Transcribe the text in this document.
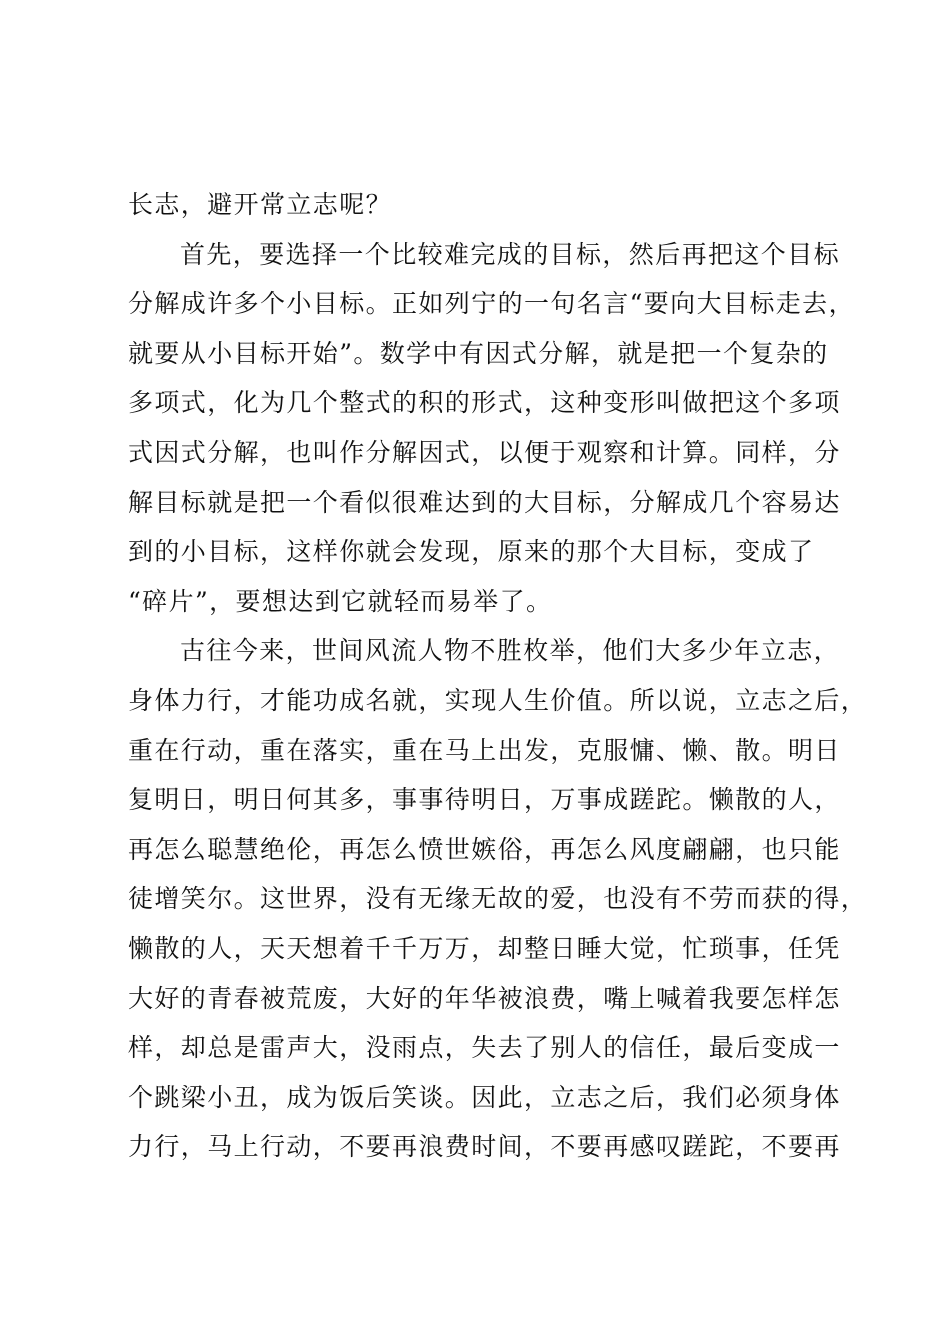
长志，避开常立志呢？
首先，要选择一个比较难完成的目标，然后再把这个目标
分解成许多个小目标。正如列宁的一句名言“要向大目标走去，
就要从小目标开始”。数学中有因式分解，就是把一个复杂的
多项式，化为几个整式的积的形式，这种变形叫做把这个多项
式因式分解，也叫作分解因式，以便于观察和计算。同样，分
解目标就是把一个看似很难达到的大目标，分解成几个容易达
到的小目标，这样你就会发现，原来的那个大目标，变成了
“碎片”，要想达到它就轻而易举了。
古往今来，世间风流人物不胜枚举，他们大多少年立志，
身体力行，才能功成名就，实现人生价值。所以说，立志之后，
重在行动，重在落实，重在马上出发，克服慵、懒、散。明日
复明日，明日何其多，事事待明日，万事成蹉跎。懒散的人，
再怎么聪慧绝伦，再怎么愤世嫉俗，再怎么风度翩翩，也只能
徒增笑尔。这世界，没有无缘无故的爱，也没有不劳而获的得，
懒散的人，天天想着千千万万，却整日睡大觉，忙琐事，任凭
大好的青春被荒废，大好的年华被浪费，嘴上喊着我要怎样怎
样，却总是雷声大，没雨点，失去了别人的信任，最后变成一
个跳梁小丑，成为饭后笑谈。因此，立志之后，我们必须身体
力行，马上行动，不要再浪费时间，不要再感叹蹉跎，不要再
